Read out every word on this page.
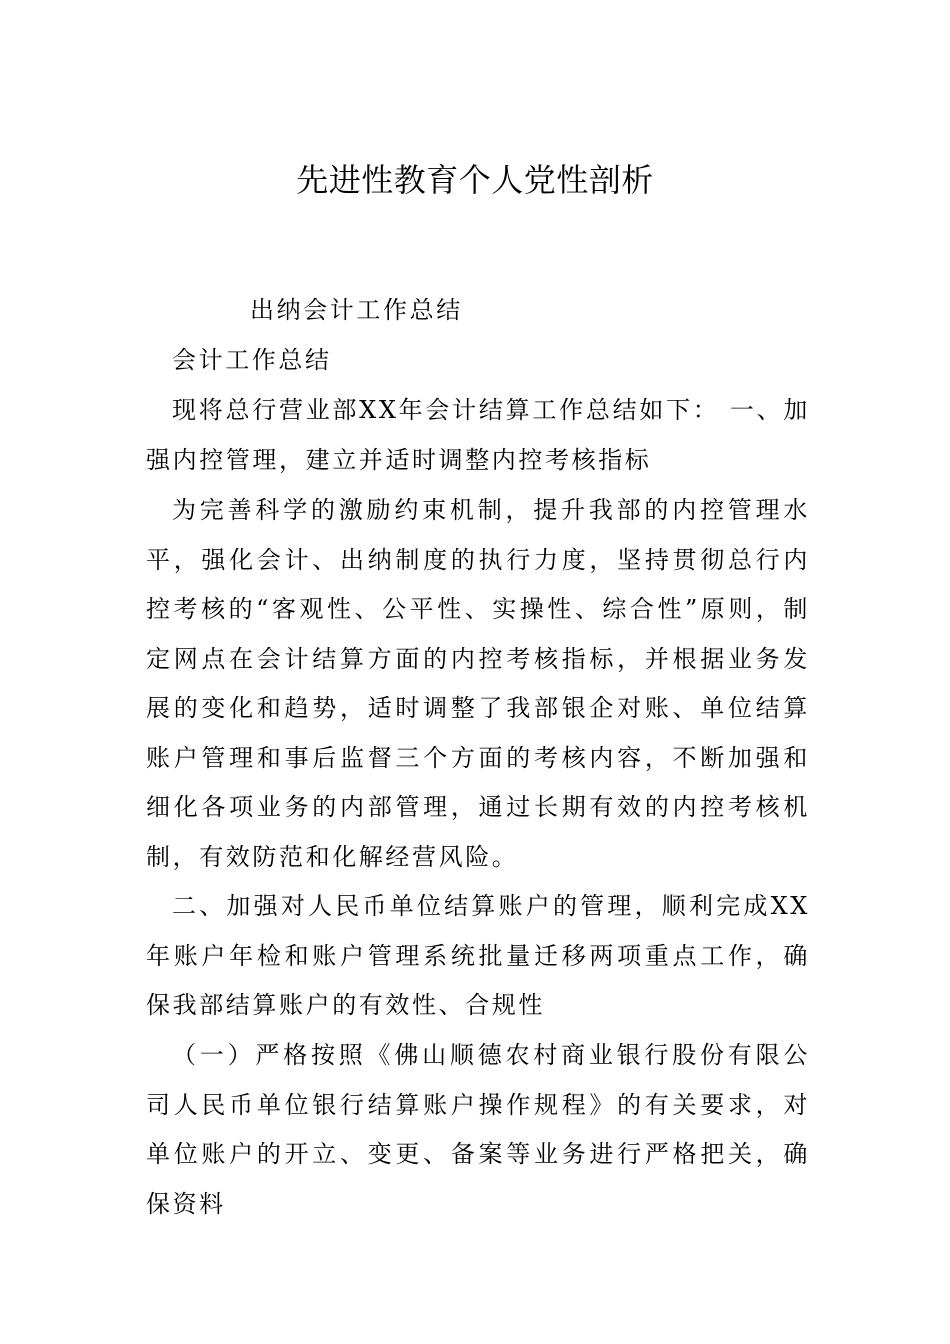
先进性教育个人党性剖析
出纳会计工作总结
会计工作总结

现将总行营业部XX年会计结算工作总结如下： 一、加强内控管理，建立并适时调整内控考核指标

为完善科学的激励约束机制，提升我部的内控管理水平，强化会计、出纳制度的执行力度，坚持贯彻总行内控考核的“客观性、公平性、实操性、综合性”原则，制定网点在会计结算方面的内控考核指标，并根据业务发展的变化和趋势，适时调整了我部银企对账、单位结算账户管理和事后监督三个方面的考核内容，不断加强和细化各项业务的内部管理，通过长期有效的内控考核机制，有效防范和化解经营风险。

二、加强对人民币单位结算账户的管理，顺利完成XX年账户年检和账户管理系统批量迁移两项重点工作，确保我部结算账户的有效性、合规性

（一）严格按照《佛山顺德农村商业银行股份有限公司人民币单位银行结算账户操作规程》的有关要求，对单位账户的开立、变更、备案等业务进行严格把关，确保资料
